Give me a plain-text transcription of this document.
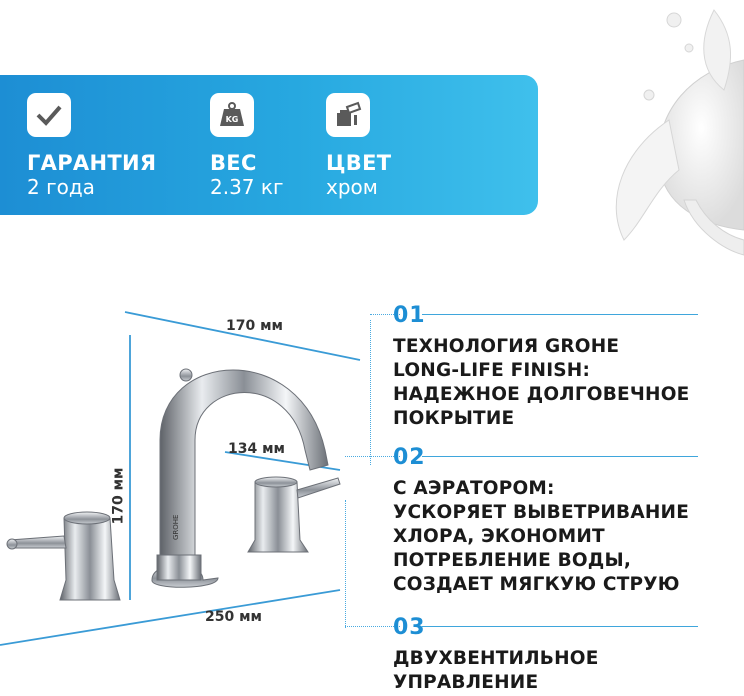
ГАРАНТИЯ
2 года
KG
ВЕС
2.37 кг
ЦВЕТ
хром
GROHE
170 мм
170 мм
134 мм
250 мм
01
ТЕХНОЛОГИЯ GROHE
LONG-LIFE FINISH:
НАДЕЖНОЕ ДОЛГОВЕЧНОЕ
ПОКРЫТИЕ
02
С АЭРАТОРОМ:
УСКОРЯЕТ ВЫВЕТРИВАНИЕ
ХЛОРА, ЭКОНОМИТ
ПОТРЕБЛЕНИЕ ВОДЫ,
СОЗДАЕТ МЯГКУЮ СТРУЮ
03
ДВУХВЕНТИЛЬНОЕ
УПРАВЛЕНИЕ
